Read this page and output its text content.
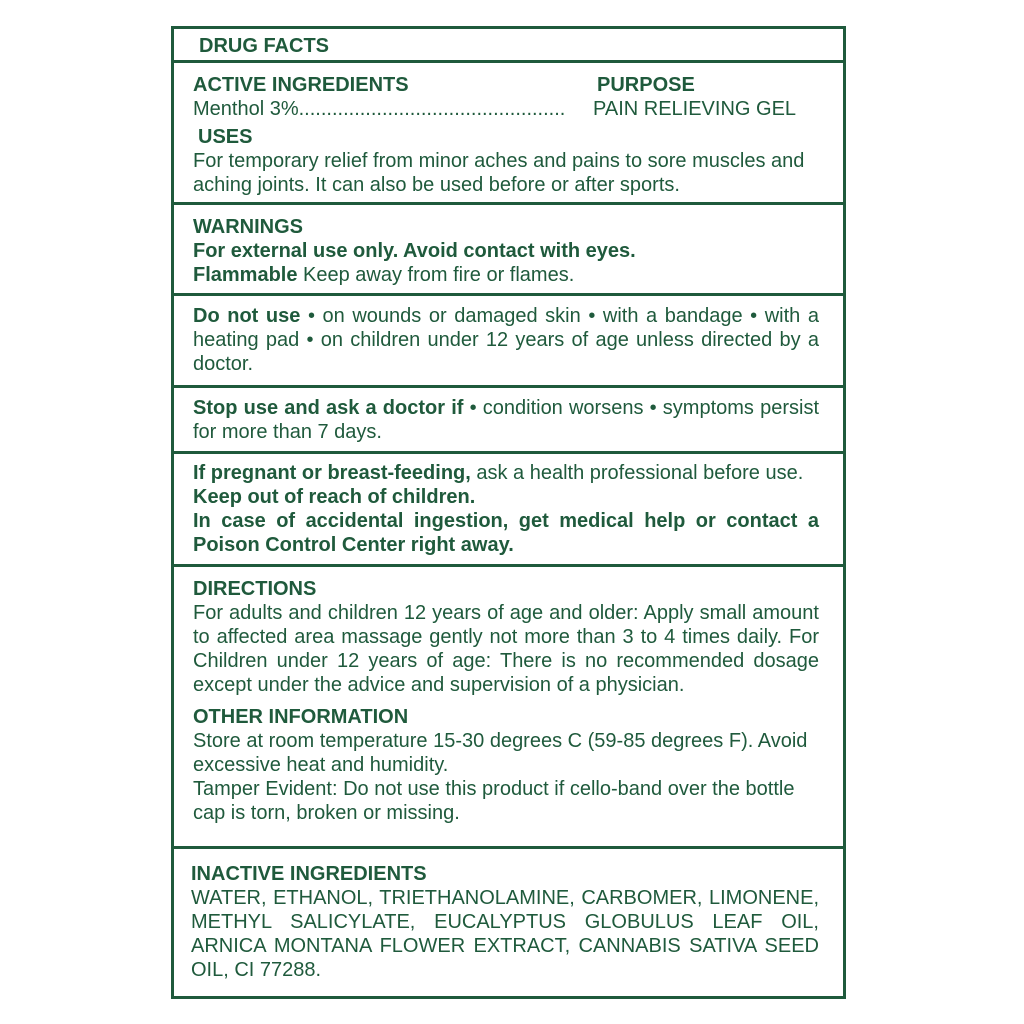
DRUG FACTS
ACTIVE INGREDIENTS	PURPOSE
Menthol 3%................................................ PAIN RELIEVING GEL
USES
For temporary relief from minor aches and pains to sore muscles and aching joints. It can also be used before or after sports.
WARNINGS
For external use only. Avoid contact with eyes.
Flammable Keep away from fire or flames.
Do not use • on wounds or damaged skin • with a bandage • with a heating pad • on children under 12 years of age unless directed by a doctor.
Stop use and ask a doctor if • condition worsens • symptoms persist for more than 7 days.
If pregnant or breast-feeding, ask a health professional before use.
Keep out of reach of children.
In case of accidental ingestion, get medical help or contact a Poison Control Center right away.
DIRECTIONS
For adults and children 12 years of age and older: Apply small amount to affected area massage gently not more than 3 to 4 times daily. For Children under 12 years of age: There is no recommended dosage except under the advice and supervision of a physician.
OTHER INFORMATION
Store at room temperature 15-30 degrees C (59-85 degrees F). Avoid excessive heat and humidity.
Tamper Evident: Do not use this product if cello-band over the bottle cap is torn, broken or missing.
INACTIVE INGREDIENTS
WATER, ETHANOL, TRIETHANOLAMINE, CARBOMER, LIMONENE, METHYL SALICYLATE, EUCALYPTUS GLOBULUS LEAF OIL, ARNICA MONTANA FLOWER EXTRACT, CANNABIS SATIVA SEED OIL, CI 77288.
